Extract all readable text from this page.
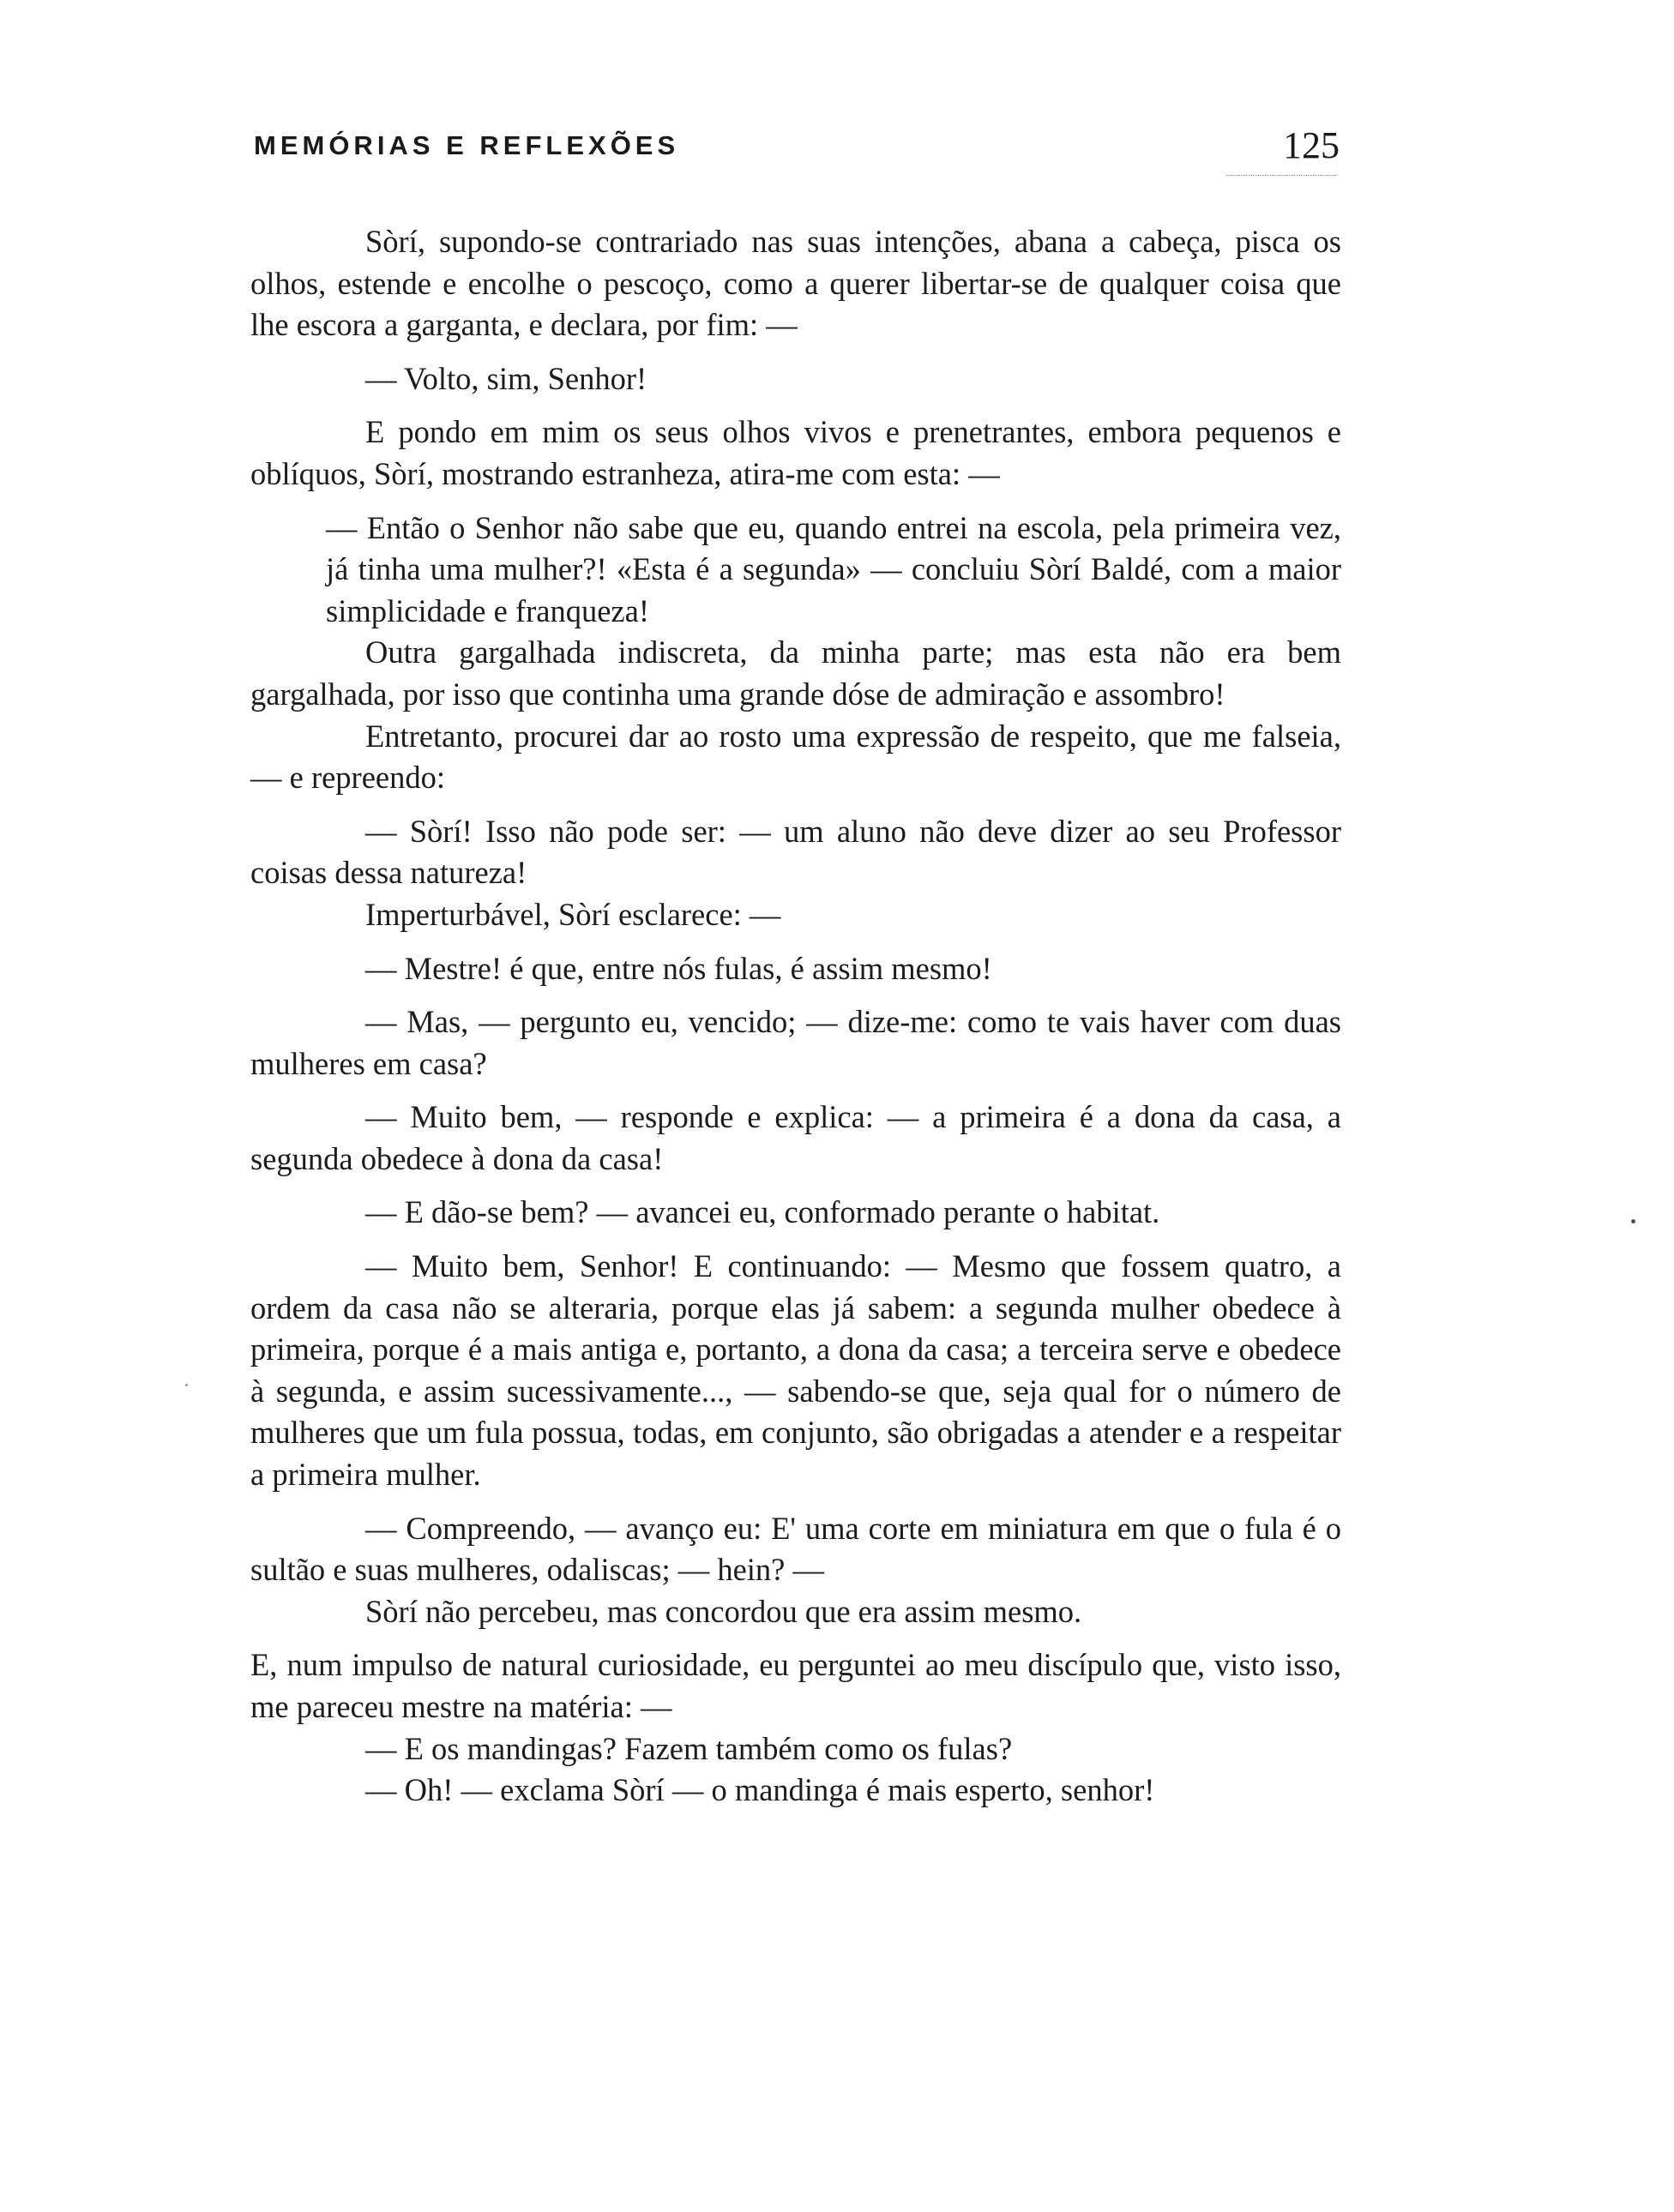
MEMÓRIAS E REFLEXÕES	125

Sòrí, supondo-se contrariado nas suas intenções, abana a cabeça, pisca os olhos, estende e encolhe o pescoço, como a querer libertar-se de qualquer coisa que lhe escora a garganta, e declara, por fim: —

— Volto, sim, Senhor!

E pondo em mim os seus olhos vivos e prenetrantes, embora pequenos e oblíquos, Sòrí, mostrando estranheza, atira-me com esta: —

— Então o Senhor não sabe que eu, quando entrei na escola, pela primeira vez, já tinha uma mulher?! «Esta é a segunda» — concluiu Sòrí Baldé, com a maior simplicidade e franqueza!

Outra gargalhada indiscreta, da minha parte; mas esta não era bem gargalhada, por isso que continha uma grande dóse de admiração e assombro!

Entretanto, procurei dar ao rosto uma expressão de respeito, que me falseia, — e repreendo:

— Sòrí! Isso não pode ser: — um aluno não deve dizer ao seu Professor coisas dessa natureza!

Imperturbável, Sòrí esclarece: —

— Mestre! é que, entre nós fulas, é assim mesmo!

— Mas, — pergunto eu, vencido; — dize-me: como te vais haver com duas mulheres em casa?

— Muito bem, — responde e explica: — a primeira é a dona da casa, a segunda obedece à dona da casa!

— E dão-se bem? — avancei eu, conformado perante o habitat.

— Muito bem, Senhor! E continuando: — Mesmo que fossem quatro, a ordem da casa não se alteraria, porque elas já sabem: a segunda mulher obedece à primeira, porque é a mais antiga e, portanto, a dona da casa; a terceira serve e obedece à segunda, e assim sucessivamente..., — sabendo-se que, seja qual for o número de mulheres que um fula possua, todas, em conjunto, são obrigadas a atender e a respeitar a primeira mulher.

— Compreendo, — avanço eu: E' uma corte em miniatura em que o fula é o sultão e suas mulheres, odaliscas; — hein? —

Sòrí não percebeu, mas concordou que era assim mesmo.

E, num impulso de natural curiosidade, eu perguntei ao meu discípulo que, visto isso, me pareceu mestre na matéria: —

— E os mandingas? Fazem também como os fulas?

— Oh! — exclama Sòrí — o mandinga é mais esperto, senhor!
